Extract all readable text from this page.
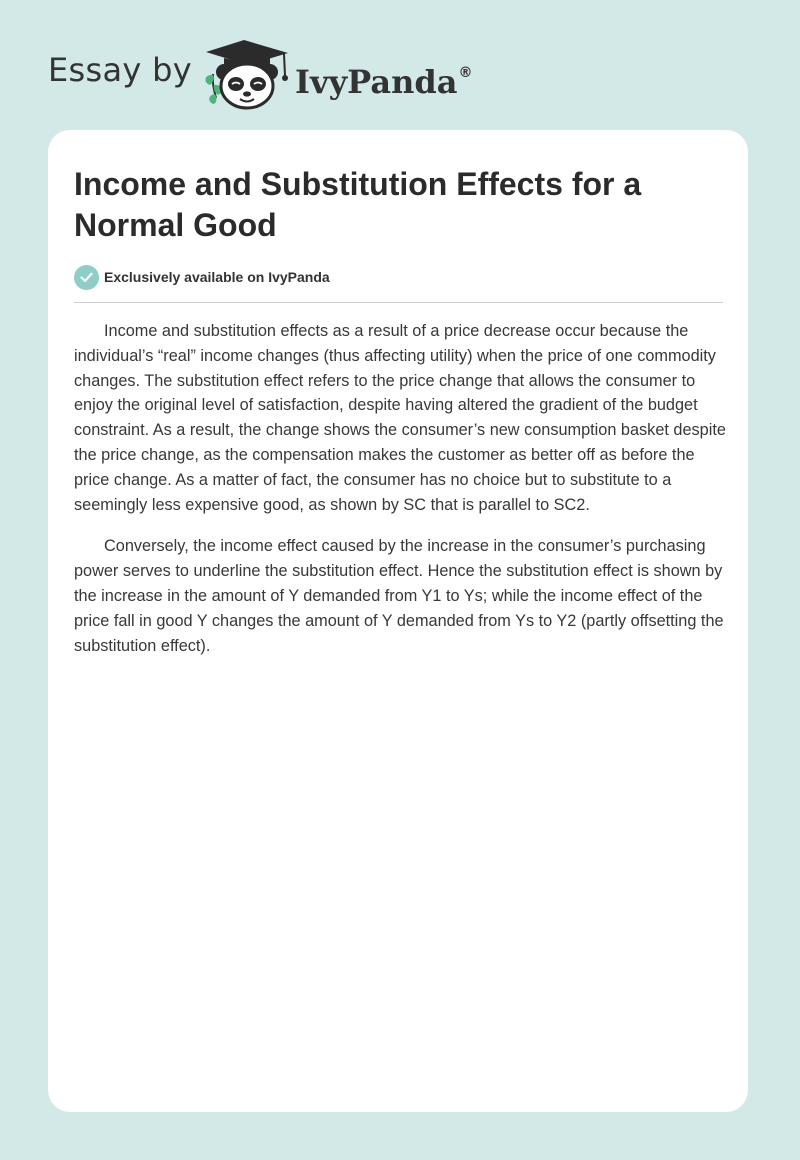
Essay by	IvyPanda®
Income and Substitution Effects for a Normal Good
Exclusively available on IvyPanda

Income and substitution effects as a result of a price decrease occur because the individual’s “real” income changes (thus affecting utility) when the price of one commodity changes. The substitution effect refers to the price change that allows the consumer to enjoy the original level of satisfaction, despite having altered the gradient of the budget constraint. As a result, the change shows the consumer’s new consumption basket despite the price change, as the compensation makes the customer as better off as before the price change. As a matter of fact, the consumer has no choice but to substitute to a seemingly less expensive good, as shown by SC that is parallel to SC2.

Conversely, the income effect caused by the increase in the consumer’s purchasing power serves to underline the substitution effect. Hence the substitution effect is shown by the increase in the amount of Y demanded from Y1 to Ys; while the income effect of the price fall in good Y changes the amount of Y demanded from Ys to Y2 (partly offsetting the substitution effect).
